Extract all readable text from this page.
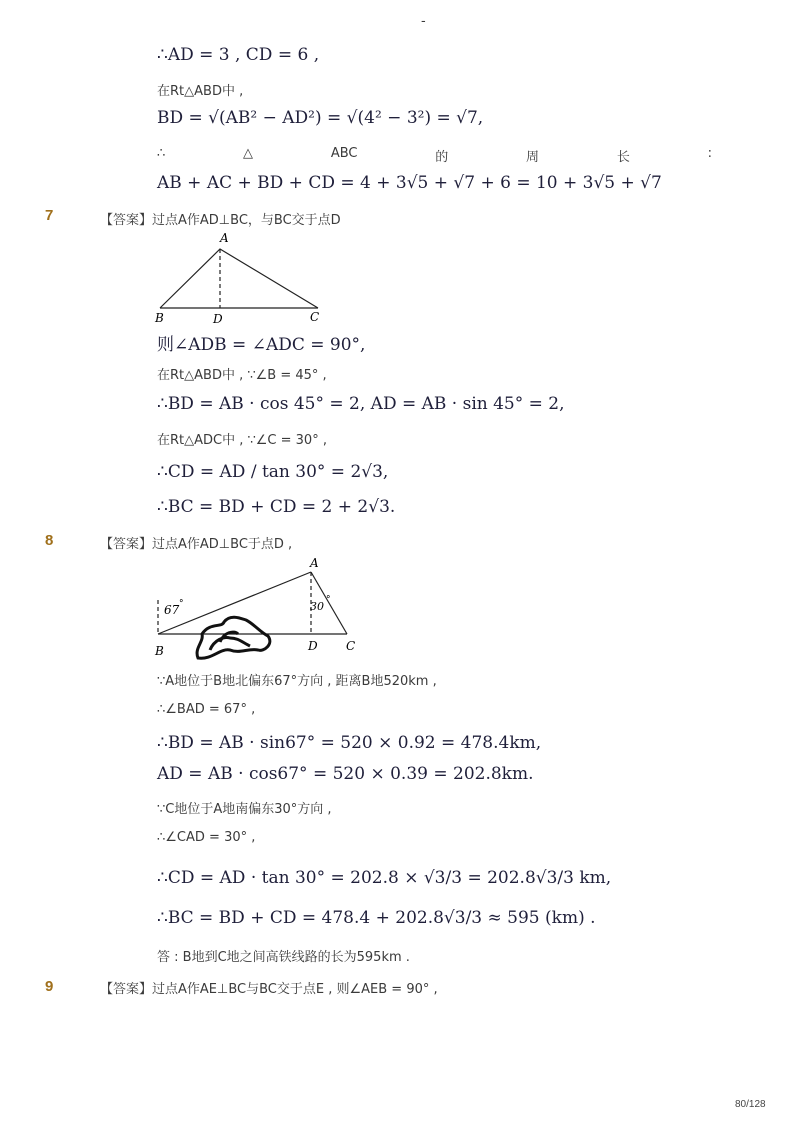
-
∴AD = 3 , CD = 6 ,
在Rt△ABD中 ,
BD = √(AB² − AD²) = √(4² − 3²) = √7,
∴	△	ABC	的	周	长	:
AB + AC + BD + CD = 4 + 3√5 + √7 + 6 = 10 + 3√5 + √7
7	【答案】过点A作AD⊥BC，与BC交于点D
A
B	D	C
则∠ADB = ∠ADC = 90°,
在Rt△ABD中 , ∵∠B = 45° ,
∴BD = AB · cos 45° = 2, AD = AB · sin 45° = 2,
在Rt△ADC中 , ∵∠C = 30° ,
∴CD = AD / tan 30° = 2√3,
∴BC = BD + CD = 2 + 2√3.
8	【答案】过点A作AD⊥BC于点D ,
67 °	30 °
A
B	D C
∵A地位于B地北偏东67°方向 , 距离B地520km ,
∴∠BAD = 67° ,
∴BD = AB · sin67° = 520 × 0.92 = 478.4km,
AD = AB · cos67° = 520 × 0.39 = 202.8km.
∵C地位于A地南偏东30°方向 ,
∴∠CAD = 30° ,
∴CD = AD · tan 30° = 202.8 × √3/3 = 202.8√3/3 km,
∴BC = BD + CD = 478.4 + 202.8√3/3 ≈ 595 (km) .
答 : B地到C地之间高铁线路的长为595km .
9	【答案】过点A作AE⊥BC与BC交于点E , 则∠AEB = 90° ,
80/128
